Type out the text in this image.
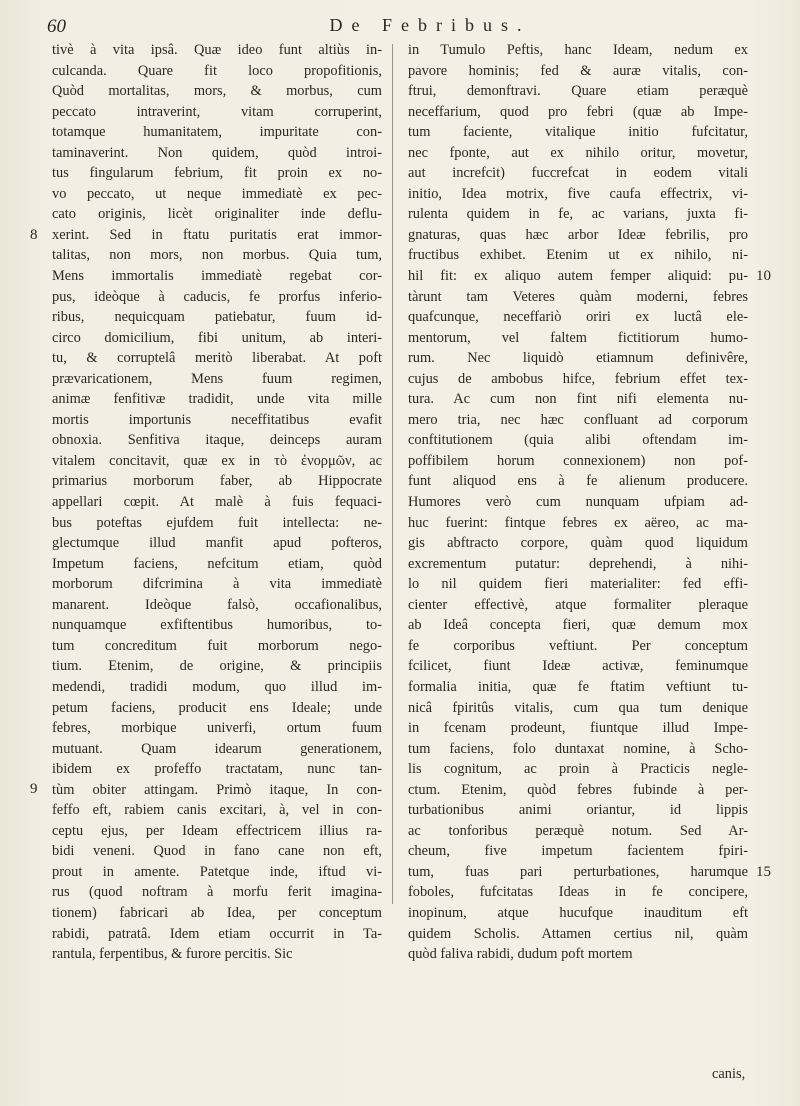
60	De Febribus.
tivè à vita ipsâ. Quæ ideo funt altiùs in-
culcanda. Quare fit loco propofitionis,
Quòd mortalitas, mors, & morbus, cum
peccato intraverint, vitam corruperint,
totamque humanitatem, impuritate con-
taminaverint. Non quidem, quòd introi-
tus fingularum febrium, fit proin ex no-
vo peccato, ut neque immediatè ex pec-
cato originis, licèt originaliter inde deflu-
xerint. Sed in ftatu puritatis erat immor-
talitas, non mors, non morbus. Quia tum,
Mens immortalis immediatè regebat cor-
pus, ideòque à caducis, fe prorfus inferio-
ribus, nequicquam patiebatur, fuum id-
circo domicilium, fibi unitum, ab interi-
tu, & corruptelâ meritò liberabat. At poft
prævaricationem, Mens fuum regimen,
animæ fenfitivæ tradidit, unde vita mille
mortis importunis neceffitatibus evafit
obnoxia. Senfitiva itaque, deinceps auram
vitalem concitavit, quæ ex in τὸ ἐνορμῶν, ac
primarius morborum faber, ab Hippocrate
appellari cœpit. At malè à fuis fequaci-
bus poteftas ejufdem fuit intellecta: ne-
glectumque illud manfit apud pofteros,
Impetum faciens, nefcitum etiam, quòd
morborum difcrimina à vita immediatè
manarent. Ideòque falsò, occafionalibus,
nunquamque exfiftentibus humoribus, to-
tum concreditum fuit morborum nego-
tium. Etenim, de origine, & principiis
medendi, tradidi modum, quo illud im-
petum faciens, producit ens Ideale; unde
febres, morbique univerfi, ortum fuum
mutuant. Quam idearum generationem,
ibidem ex profeffo tractatam, nunc tan-
tùm obiter attingam. Primò itaque, In con-
feffo eft, rabiem canis excitari, à, vel in con-
ceptu ejus, per Ideam effectricem illius ra-
bidi veneni. Quod in fano cane non eft,
prout in amente. Patetque inde, iftud vi-
rus (quod noftram à morfu ferit imagina-
tionem) fabricari ab Idea, per conceptum
rabidi, patratâ. Idem etiam occurrit in Ta-
rantula, ferpentibus, & furore percitis. Sic
in Tumulo Peftis, hanc Ideam, nedum ex
pavore hominis; fed & auræ vitalis, con-
ftrui, demonftravi. Quare etiam peræquè
neceffarium, quod pro febri (quæ ab Impe-
tum faciente, vitalique initio fufcitatur,
nec fponte, aut ex nihilo oritur, movetur,
aut increfcit) fuccrefcat in eodem vitali
initio, Idea motrix, five caufa effectrix, vi-
rulenta quidem in fe, ac varians, juxta fi-
gnaturas, quas hæc arbor Ideæ febrilis, pro
fructibus exhibet. Etenim ut ex nihilo, ni-
hil fit: ex aliquo autem femper aliquid: pu-
tàrunt tam Veteres quàm moderni, febres
quafcunque, neceffariò oriri ex luctâ ele-
mentorum, vel faltem fictitiorum humo-
rum. Nec liquidò etiamnum definivêre,
cujus de ambobus hifce, febrium effet tex-
tura. Ac cum non fint nifi elementa nu-
mero tria, nec hæc confluant ad corporum
conftitutionem (quia alibi oftendam im-
poffibilem horum connexionem) non pof-
funt aliquod ens à fe alienum producere.
Humores verò cum nunquam ufpiam ad-
huc fuerint: fintque febres ex aëreo, ac ma-
gis abftracto corpore, quàm quod liquidum
excrementum putatur: deprehendi, à nihi-
lo nil quidem fieri materialiter: fed effi-
cienter effectivè, atque formaliter pleraque
ab Ideâ concepta fieri, quæ demum mox
fe corporibus veftiunt. Per conceptum
fcilicet, fiunt Ideæ activæ, feminumque
formalia initia, quæ fe ftatim veftiunt tu-
nicâ fpiritûs vitalis, cum qua tum denique
in fcenam prodeunt, fiuntque illud Impe-
tum faciens, folo duntaxat nomine, à Scho-
lis cognitum, ac proin à Practicis negle-
ctum. Etenim, quòd febres fubinde à per-
turbationibus animi oriantur, id lippis
ac tonforibus peræquè notum. Sed Ar-
cheum, five impetum facientem fpiri-
tum, fuas pari perturbationes, harumque
foboles, fufcitatas Ideas in fe concipere,
inopinum, atque hucufque inauditum eft
quidem Scholis. Attamen certius nil, quàm
quòd faliva rabidi, dudum poft mortem
8
9
10
15
canis,
